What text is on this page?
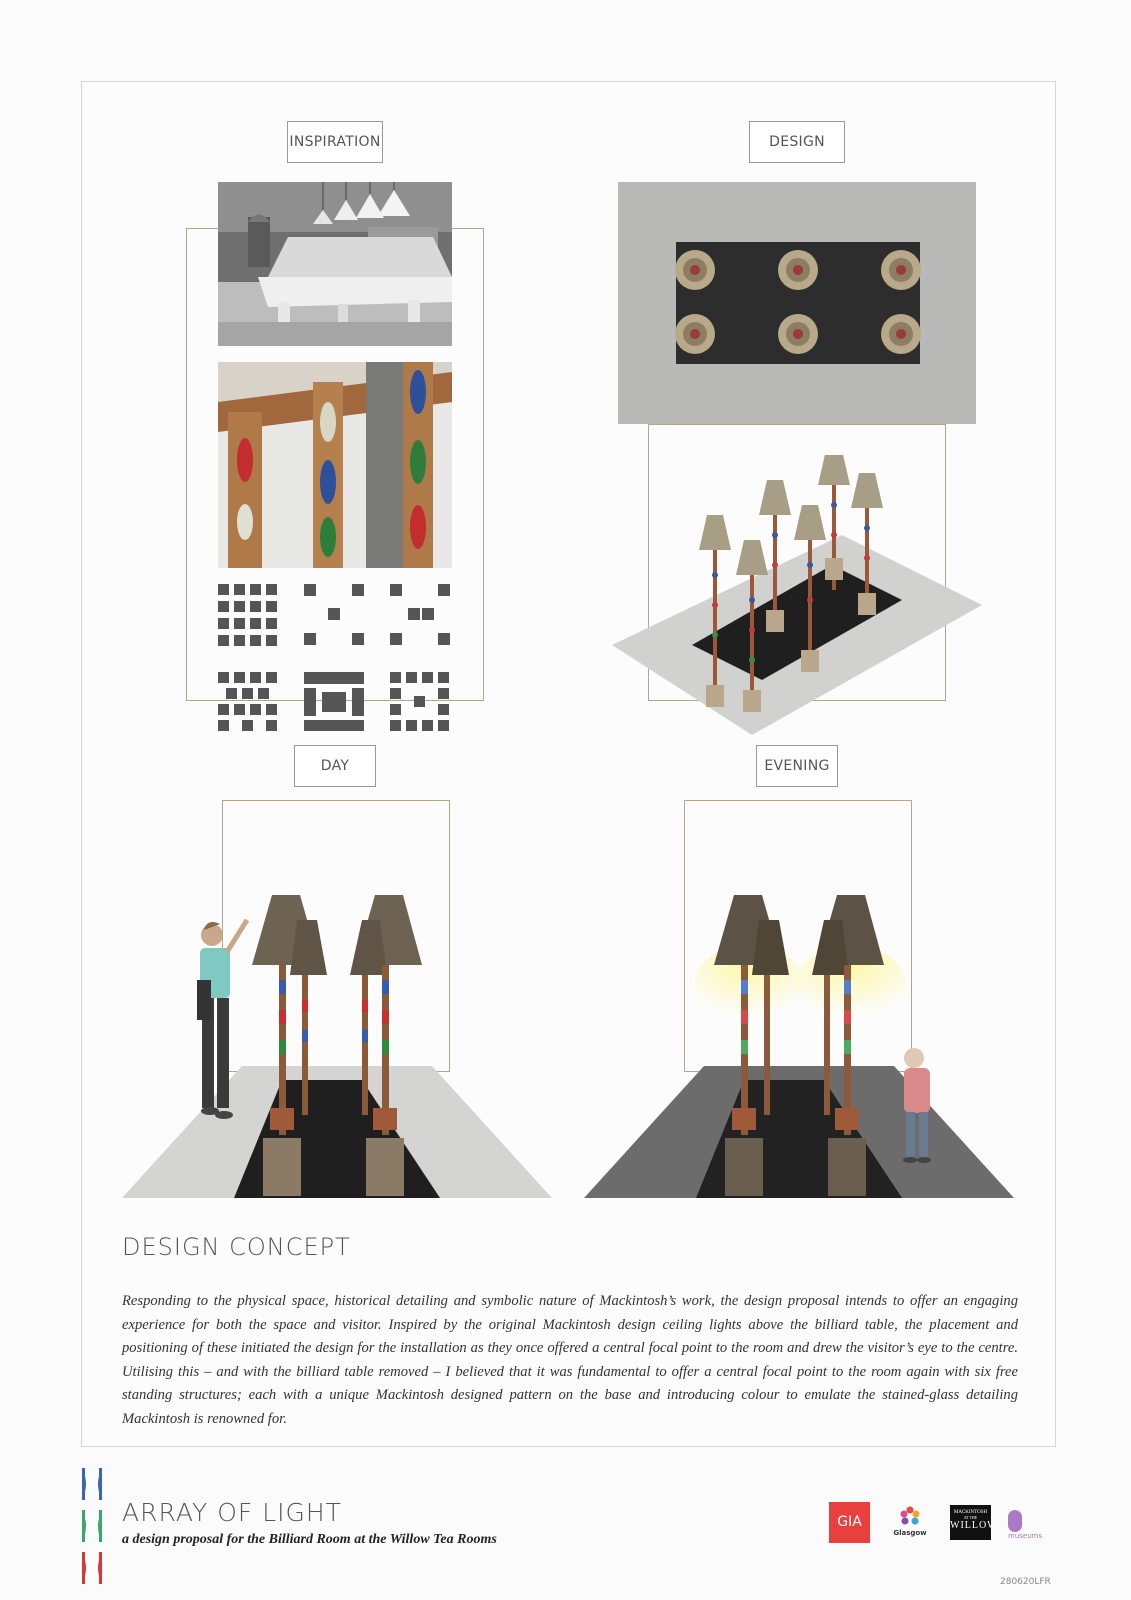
INSPIRATION	DESIGN
DAY	EVENING
DESIGN CONCEPT
Responding to the physical space, historical detailing and symbolic nature of Mackintosh’s work, the design proposal intends to offer an engaging experience for both the space and visitor. Inspired by the original Mackintosh design ceiling lights above the billiard table, the placement and positioning of these initiated the design for the installation as they once offered a central focal point to the room and drew the visitor’s eye to the centre. Utilising this – and with the billiard table removed – I believed that it was fundamental to offer a central focal point to the room again with six free standing structures; each with a unique Mackintosh designed pattern on the base and introducing colour to emulate the stained-glass detailing Mackintosh is renowned for.
ARRAY OF LIGHT
a design proposal for the Billiard Room at the Willow Tea Rooms
GIA
Glasgow
MACKINTOSH
AT THE
WILLOW
$^{museums}$
280620LFR
